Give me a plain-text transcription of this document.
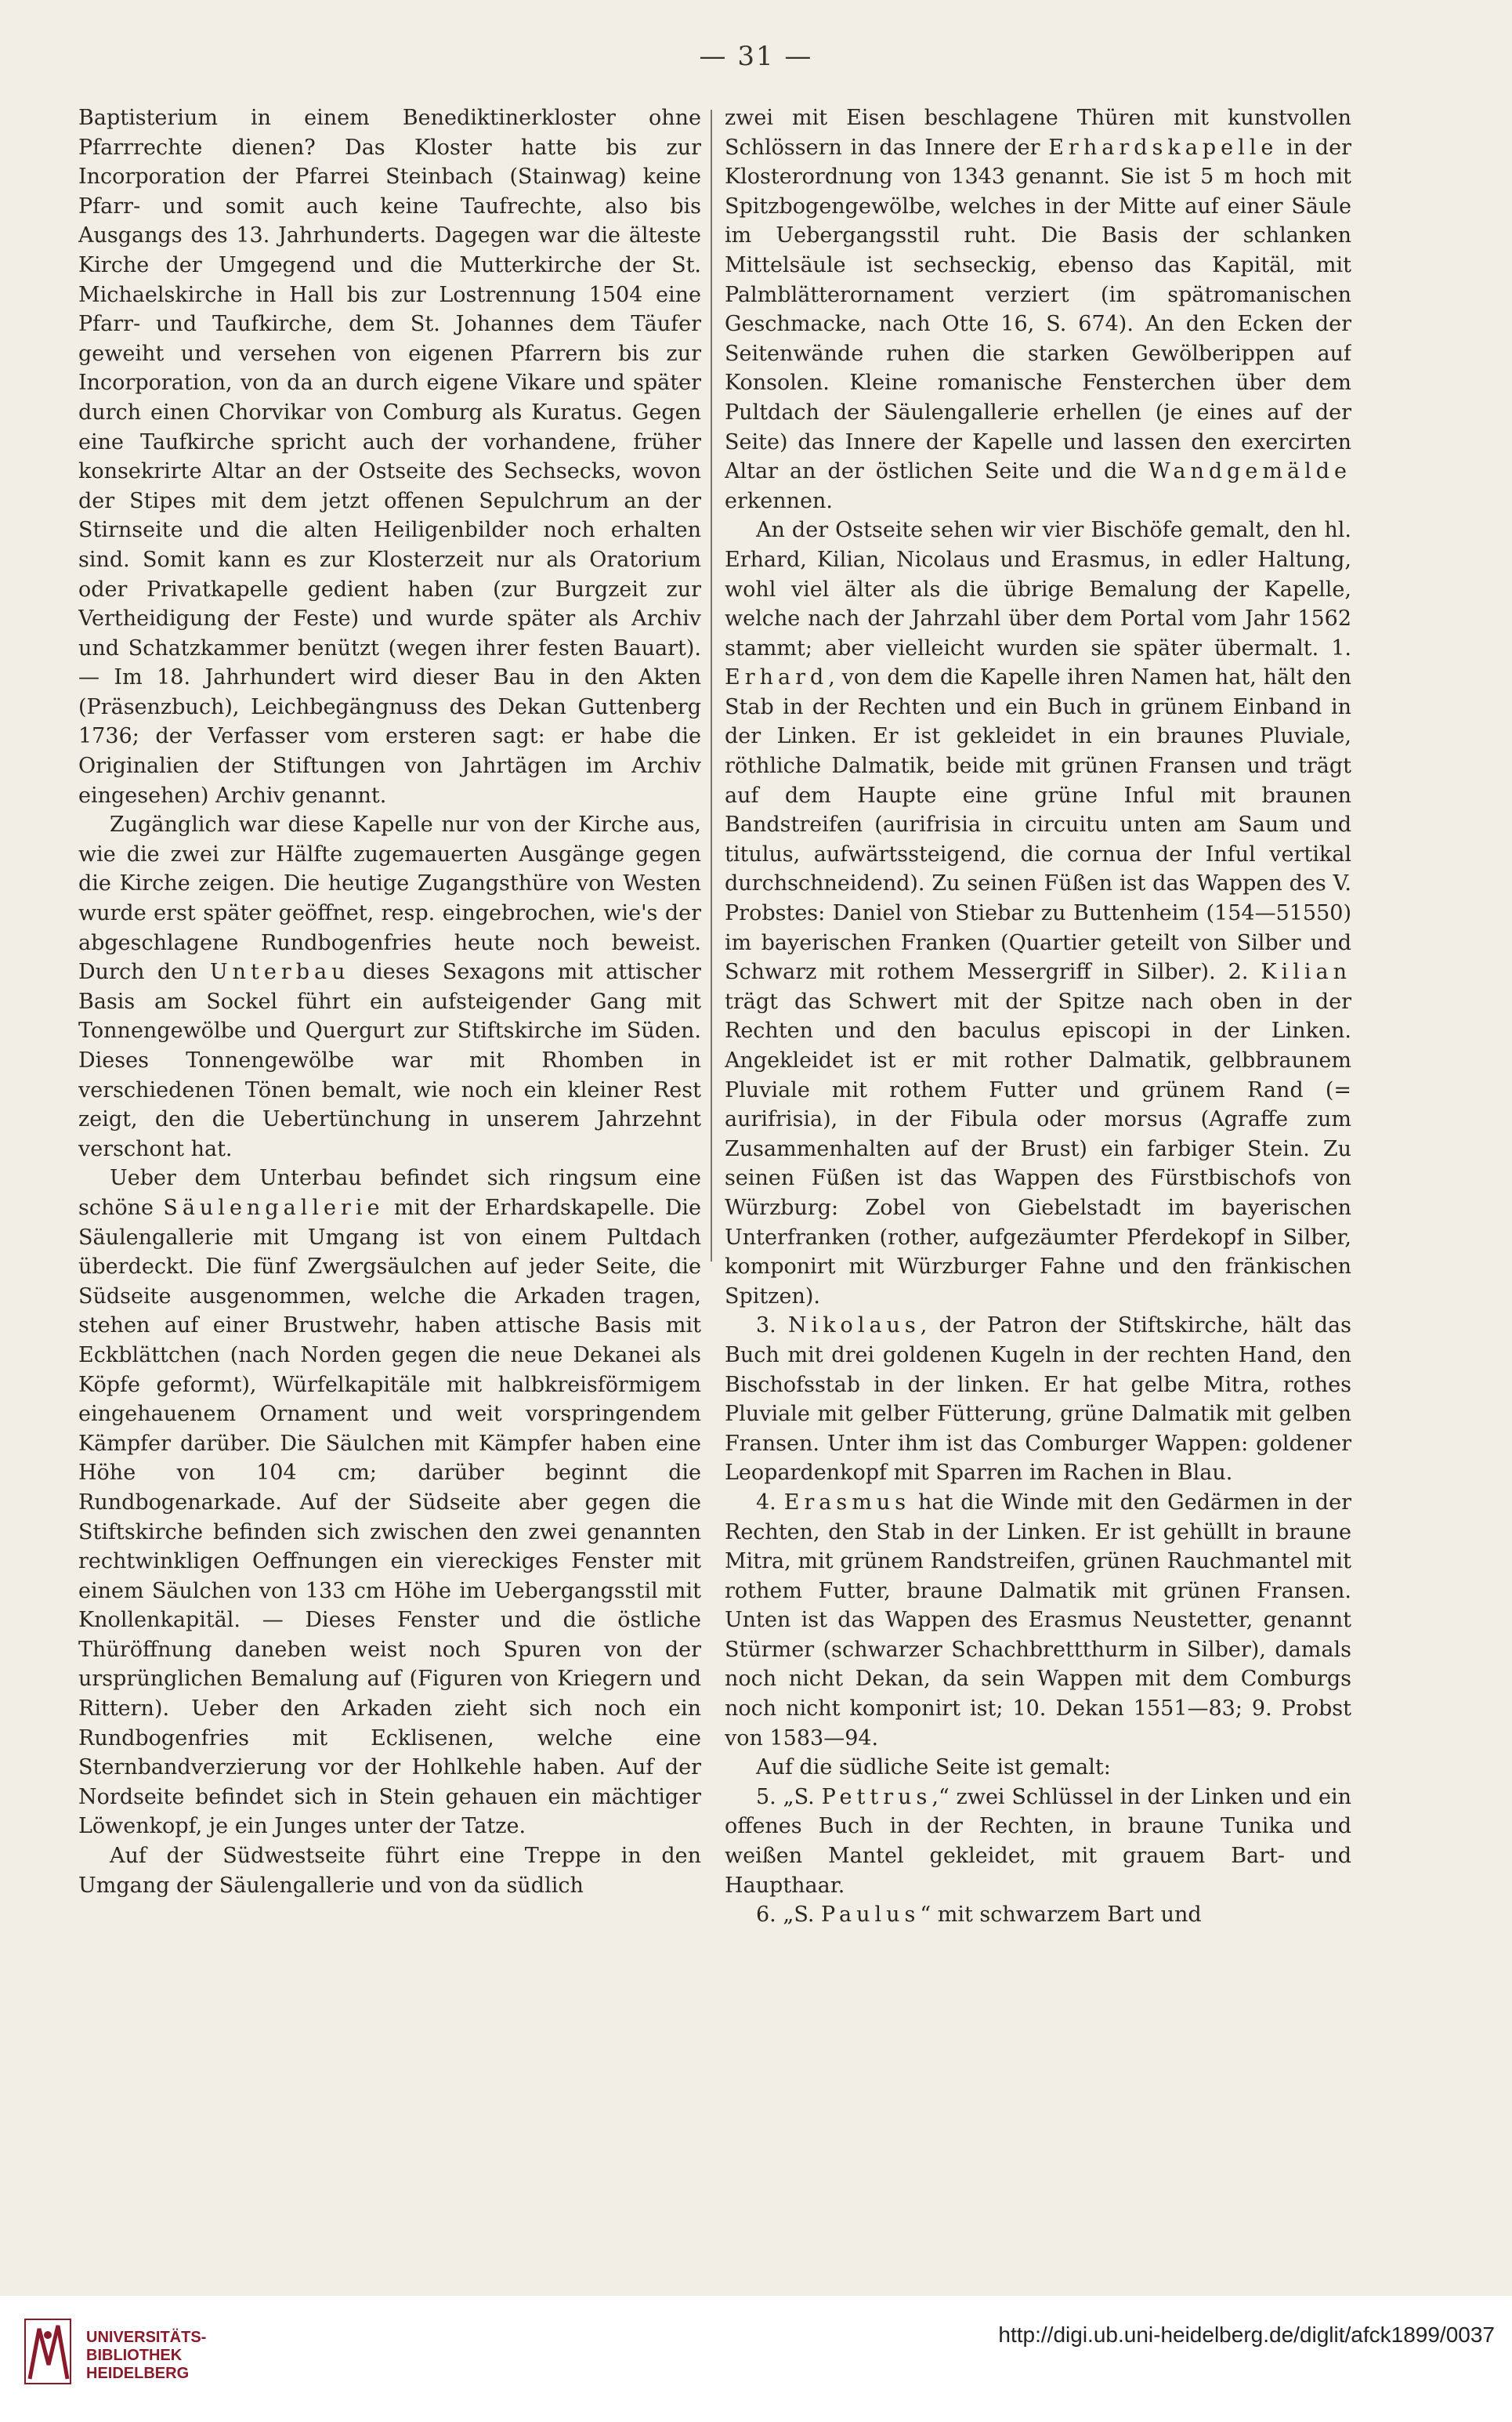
— 31 —

Baptisterium in einem Benediktinerkloster ohne Pfarrrechte dienen? Das Kloster hatte bis zur Incorporation der Pfarrei Steinbach (Stainwag) keine Pfarr- und somit auch keine Taufrechte, also bis Ausgangs des 13. Jahrhunderts. Dagegen war die älteste Kirche der Umgegend und die Mutterkirche der St. Michaelskirche in Hall bis zur Lostrennung 1504 eine Pfarr- und Taufkirche, dem St. Johannes dem Täufer geweiht und versehen von eigenen Pfarrern bis zur Incorporation, von da an durch eigene Vikare und später durch einen Chorvikar von Comburg als Kuratus. Gegen eine Taufkirche spricht auch der vorhandene, früher konsekrirte Altar an der Ostseite des Sechsecks, wovon der Stipes mit dem jetzt offenen Sepulchrum an der Stirnseite und die alten Heiligenbilder noch erhalten sind. Somit kann es zur Klosterzeit nur als Oratorium oder Privatkapelle gedient haben (zur Burgzeit zur Vertheidigung der Feste) und wurde später als Archiv und Schatzkammer benützt (wegen ihrer festen Bauart). — Im 18. Jahrhundert wird dieser Bau in den Akten (Präsenzbuch), Leichbegängnuss des Dekan Guttenberg 1736; der Verfasser vom ersteren sagt: er habe die Originalien der Stiftungen von Jahrtägen im Archiv eingesehen) Archiv genannt.

Zugänglich war diese Kapelle nur von der Kirche aus, wie die zwei zur Hälfte zugemauerten Ausgänge gegen die Kirche zeigen. Die heutige Zugangsthüre von Westen wurde erst später geöffnet, resp. eingebrochen, wie's der abgeschlagene Rundbogenfries heute noch beweist. Durch den Unterbau dieses Sexagons mit attischer Basis am Sockel führt ein aufsteigender Gang mit Tonnengewölbe und Quergurt zur Stiftskirche im Süden. Dieses Tonnengewölbe war mit Rhomben in verschiedenen Tönen bemalt, wie noch ein kleiner Rest zeigt, den die Uebertünchung in unserem Jahrzehnt verschont hat.

Ueber dem Unterbau befindet sich ringsum eine schöne Säulengallerie mit der Erhardskapelle. Die Säulengallerie mit Umgang ist von einem Pultdach überdeckt. Die fünf Zwergsäulchen auf jeder Seite, die Südseite ausgenommen, welche die Arkaden tragen, stehen auf einer Brustwehr, haben attische Basis mit Eckblättchen (nach Norden gegen die neue Dekanei als Köpfe geformt), Würfelkapitäle mit halbkreisförmigem eingehauenem Ornament und weit vorspringendem Kämpfer darüber. Die Säulchen mit Kämpfer haben eine Höhe von 104 cm; darüber beginnt die Rundbogenarkade. Auf der Südseite aber gegen die Stiftskirche befinden sich zwischen den zwei genannten rechtwinkligen Oeffnungen ein viereckiges Fenster mit einem Säulchen von 133 cm Höhe im Uebergangsstil mit Knollenkapitäl. — Dieses Fenster und die östliche Thüröffnung daneben weist noch Spuren von der ursprünglichen Bemalung auf (Figuren von Kriegern und Rittern). Ueber den Arkaden zieht sich noch ein Rundbogenfries mit Ecklisenen, welche eine Sternbandverzierung vor der Hohlkehle haben. Auf der Nordseite befindet sich in Stein gehauen ein mächtiger Löwenkopf, je ein Junges unter der Tatze.

Auf der Südwestseite führt eine Treppe in den Umgang der Säulengallerie und von da südlich

zwei mit Eisen beschlagene Thüren mit kunstvollen Schlössern in das Innere der Erhardskapelle in der Klosterordnung von 1343 genannt. Sie ist 5 m hoch mit Spitzbogengewölbe, welches in der Mitte auf einer Säule im Uebergangsstil ruht. Die Basis der schlanken Mittelsäule ist sechseckig, ebenso das Kapitäl, mit Palmblätterornament verziert (im spätromanischen Geschmacke, nach Otte 16, S. 674). An den Ecken der Seitenwände ruhen die starken Gewölberippen auf Konsolen. Kleine romanische Fensterchen über dem Pultdach der Säulengallerie erhellen (je eines auf der Seite) das Innere der Kapelle und lassen den exercirten Altar an der östlichen Seite und die Wandgemälde erkennen.

An der Ostseite sehen wir vier Bischöfe gemalt, den hl. Erhard, Kilian, Nicolaus und Erasmus, in edler Haltung, wohl viel älter als die übrige Bemalung der Kapelle, welche nach der Jahrzahl über dem Portal vom Jahr 1562 stammt; aber vielleicht wurden sie später übermalt. 1. Erhard, von dem die Kapelle ihren Namen hat, hält den Stab in der Rechten und ein Buch in grünem Einband in der Linken. Er ist gekleidet in ein braunes Pluviale, röthliche Dalmatik, beide mit grünen Fransen und trägt auf dem Haupte eine grüne Inful mit braunen Bandstreifen (aurifrisia in circuitu unten am Saum und titulus, aufwärtssteigend, die cornua der Inful vertikal durchschneidend). Zu seinen Füßen ist das Wappen des V. Probstes: Daniel von Stiebar zu Buttenheim (154—51550) im bayerischen Franken (Quartier geteilt von Silber und Schwarz mit rothem Messergriff in Silber). 2. Kilian trägt das Schwert mit der Spitze nach oben in der Rechten und den baculus episcopi in der Linken. Angekleidet ist er mit rother Dalmatik, gelbbraunem Pluviale mit rothem Futter und grünem Rand (= aurifrisia), in der Fibula oder morsus (Agraffe zum Zusammenhalten auf der Brust) ein farbiger Stein. Zu seinen Füßen ist das Wappen des Fürstbischofs von Würzburg: Zobel von Giebelstadt im bayerischen Unterfranken (rother, aufgezäumter Pferdekopf in Silber, komponirt mit Würzburger Fahne und den fränkischen Spitzen).

3. Nikolaus, der Patron der Stiftskirche, hält das Buch mit drei goldenen Kugeln in der rechten Hand, den Bischofsstab in der linken. Er hat gelbe Mitra, rothes Pluviale mit gelber Fütterung, grüne Dalmatik mit gelben Fransen. Unter ihm ist das Comburger Wappen: goldener Leopardenkopf mit Sparren im Rachen in Blau.

4. Erasmus hat die Winde mit den Gedärmen in der Rechten, den Stab in der Linken. Er ist gehüllt in braune Mitra, mit grünem Randstreifen, grünen Rauchmantel mit rothem Futter, braune Dalmatik mit grünen Fransen. Unten ist das Wappen des Erasmus Neustetter, genannt Stürmer (schwarzer Schachbrettthurm in Silber), damals noch nicht Dekan, da sein Wappen mit dem Comburgs noch nicht komponirt ist; 10. Dekan 1551—83; 9. Probst von 1583—94.

Auf die südliche Seite ist gemalt:

5. „S. Pettrus,“ zwei Schlüssel in der Linken und ein offenes Buch in der Rechten, in braune Tunika und weißen Mantel gekleidet, mit grauem Bart- und Haupthaar.

6. „S. Paulus“ mit schwarzem Bart und

UNIVERSITÄTS-
BIBLIOTHEK
HEIDELBERG
http://digi.ub.uni-heidelberg.de/diglit/afck1899/0037
